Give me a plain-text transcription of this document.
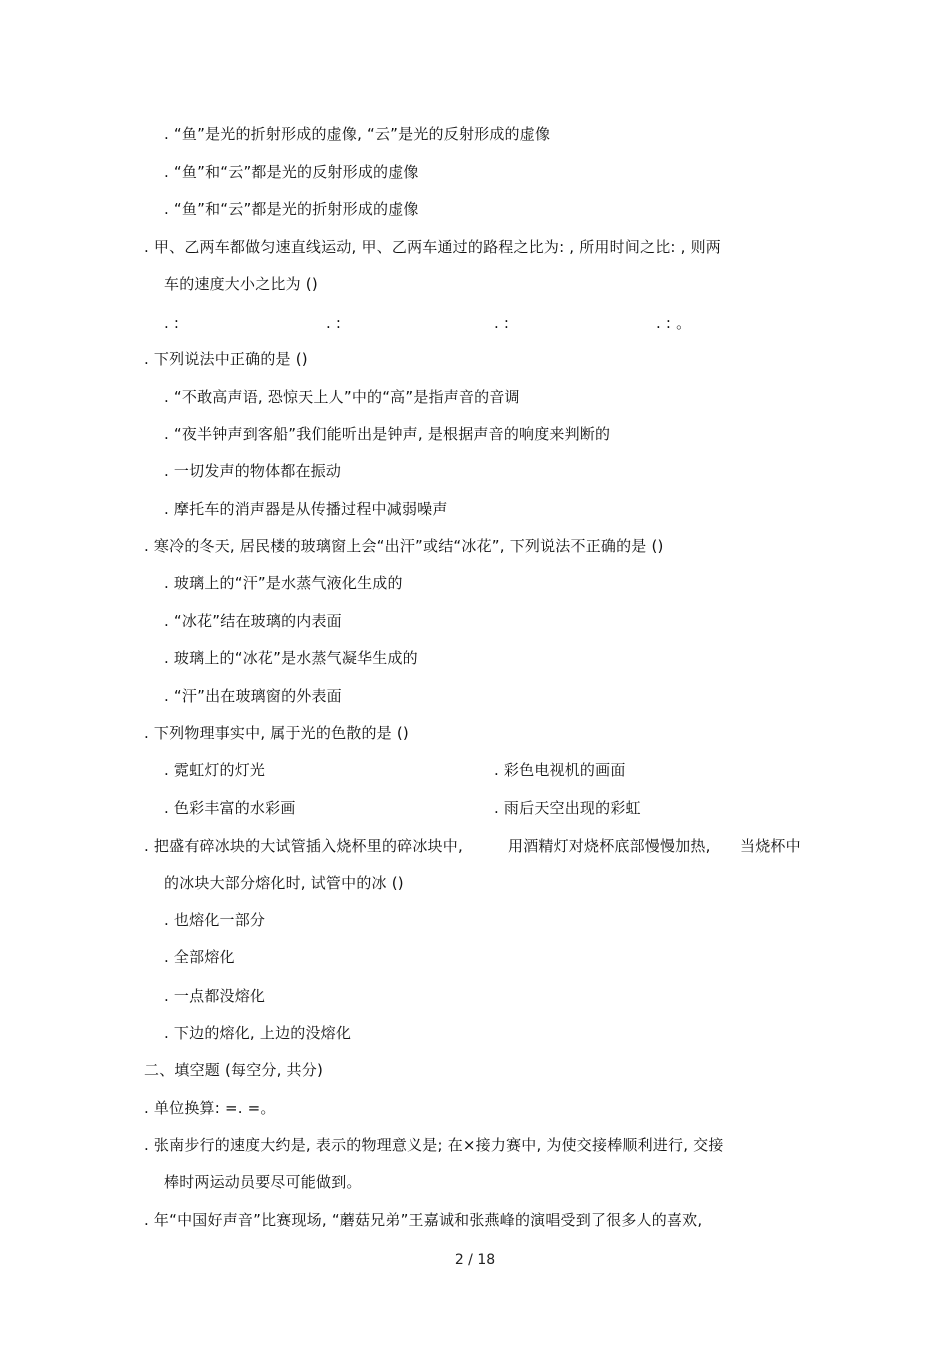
. “鱼”是光的折射形成的虚像, “云”是光的反射形成的虚像
. “鱼”和“云”都是光的反射形成的虚像
. “鱼”和“云”都是光的折射形成的虚像
. 甲、乙两车都做匀速直线运动, 甲、乙两车通过的路程之比为: , 所用时间之比: , 则两
车的速度大小之比为 ()
. :	. :	. :	. : 。
. 下列说法中正确的是 ()
. “不敢高声语, 恐惊天上人”中的“高”是指声音的音调
. “夜半钟声到客船”我们能听出是钟声, 是根据声音的响度来判断的
. 一切发声的物体都在振动
. 摩托车的消声器是从传播过程中减弱噪声
. 寒冷的冬天, 居民楼的玻璃窗上会“出汗”或结“冰花”, 下列说法不正确的是 ()
. 玻璃上的“汗”是水蒸气液化生成的
. “冰花”结在玻璃的内表面
. 玻璃上的“冰花”是水蒸气凝华生成的
. “汗”出在玻璃窗的外表面
. 下列物理事实中, 属于光的色散的是 ()
. 霓虹灯的灯光	. 彩色电视机的画面
. 色彩丰富的水彩画	. 雨后天空出现的彩虹
. 把盛有碎冰块的大试管插入烧杯里的碎冰块中,	用酒精灯对烧杯底部慢慢加热, 当烧杯中
的冰块大部分熔化时, 试管中的冰 ()
. 也熔化一部分
. 全部熔化
. 一点都没熔化
. 下边的熔化, 上边的没熔化
二、填空题 (每空分, 共分)
. 单位换算: =. =。
. 张南步行的速度大约是, 表示的物理意义是; 在×接力赛中, 为使交接棒顺利进行, 交接
棒时两运动员要尽可能做到。
. 年“中国好声音”比赛现场, “蘑菇兄弟”王嘉诚和张燕峰的演唱受到了很多人的喜欢,
2 / 18
